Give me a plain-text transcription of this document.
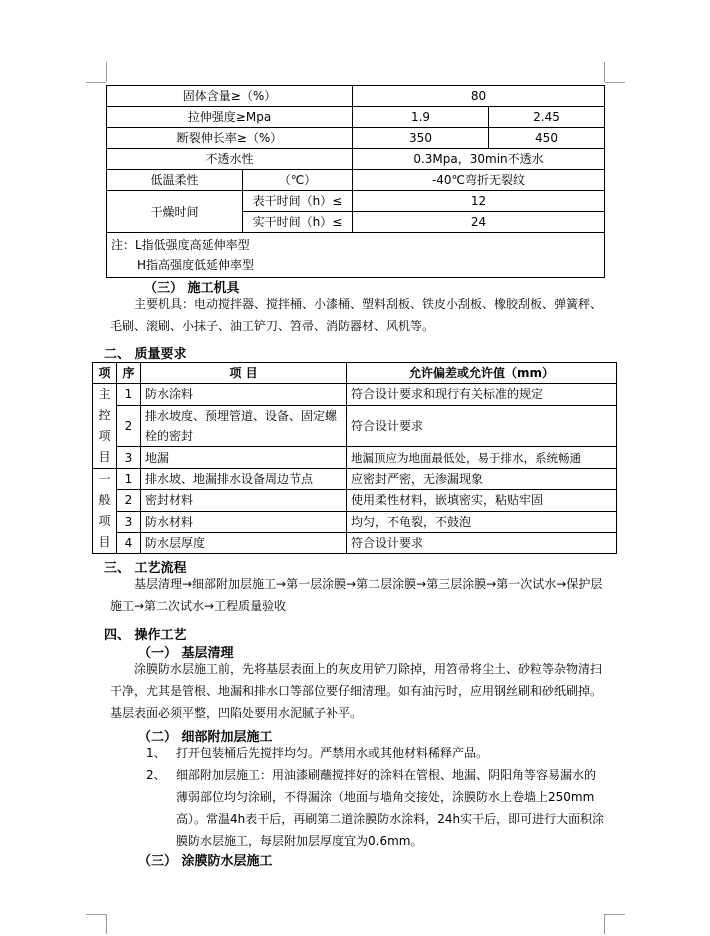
固体含量≥（%）		80	
拉伸强度≥Mpa		1.9	2.45
断裂伸长率≥（%）		350	450
不透水性		0.3Mpa，30min不透水	
低温柔性	（℃）	-40℃弯折无裂纹	
干燥时间	表干时间（h）≤	12	
	实干时间（h）≤	24	

注：L指低强度高延伸率型
H指高强度低延伸率型			
（三） 施工机具
主要机具：电动搅拌器、搅拌桶、小漆桶、塑料刮板、铁皮小刮板、橡胶刮板、弹簧秤、毛刷、滚刷、小抹子、油工铲刀、笤帚、消防器材、风机等。
二、 质量要求
项	序	项 目	允许偏差或允许值（mm）

主
控
项
目	1	防水涂料	符合设计要求和现行有关标准的规定
	2	排水坡度、预埋管道、设备、固定螺栓的密封	符合设计要求
	3	地漏	地漏顶应为地面最低处，易于排水，系统畅通

一
般
项
目	1	排水坡、地漏排水设备周边节点	应密封严密，无渗漏现象
	2	密封材料	使用柔性材料，嵌填密实，粘贴牢固
	3	防水材料	均匀，不龟裂，不鼓泡
	4	防水层厚度	符合设计要求
三、 工艺流程
基层清理→细部附加层施工→第一层涂膜→第二层涂膜→第三层涂膜→第一次试水→保护层施工→第二次试水→工程质量验收
四、 操作工艺
（一） 基层清理
涂膜防水层施工前，先将基层表面上的灰皮用铲刀除掉，用笤帚将尘土、砂粒等杂物清扫干净，尤其是管根、地漏和排水口等部位要仔细清理。如有油污时，应用钢丝刷和砂纸刷掉。基层表面必须平整，凹陷处要用水泥腻子补平。
（二） 细部附加层施工
1、 打开包装桶后先搅拌均匀。严禁用水或其他材料稀释产品。
2、 细部附加层施工：用油漆刷蘸搅拌好的涂料在管根、地漏、阴阳角等容易漏水的薄弱部位均匀涂刷，不得漏涂（地面与墙角交接处，涂膜防水上卷墙上250mm高）。常温4h表干后，再刷第二道涂膜防水涂料，24h实干后，即可进行大面积涂膜防水层施工，每层附加层厚度宜为0.6mm。
（三） 涂膜防水层施工
